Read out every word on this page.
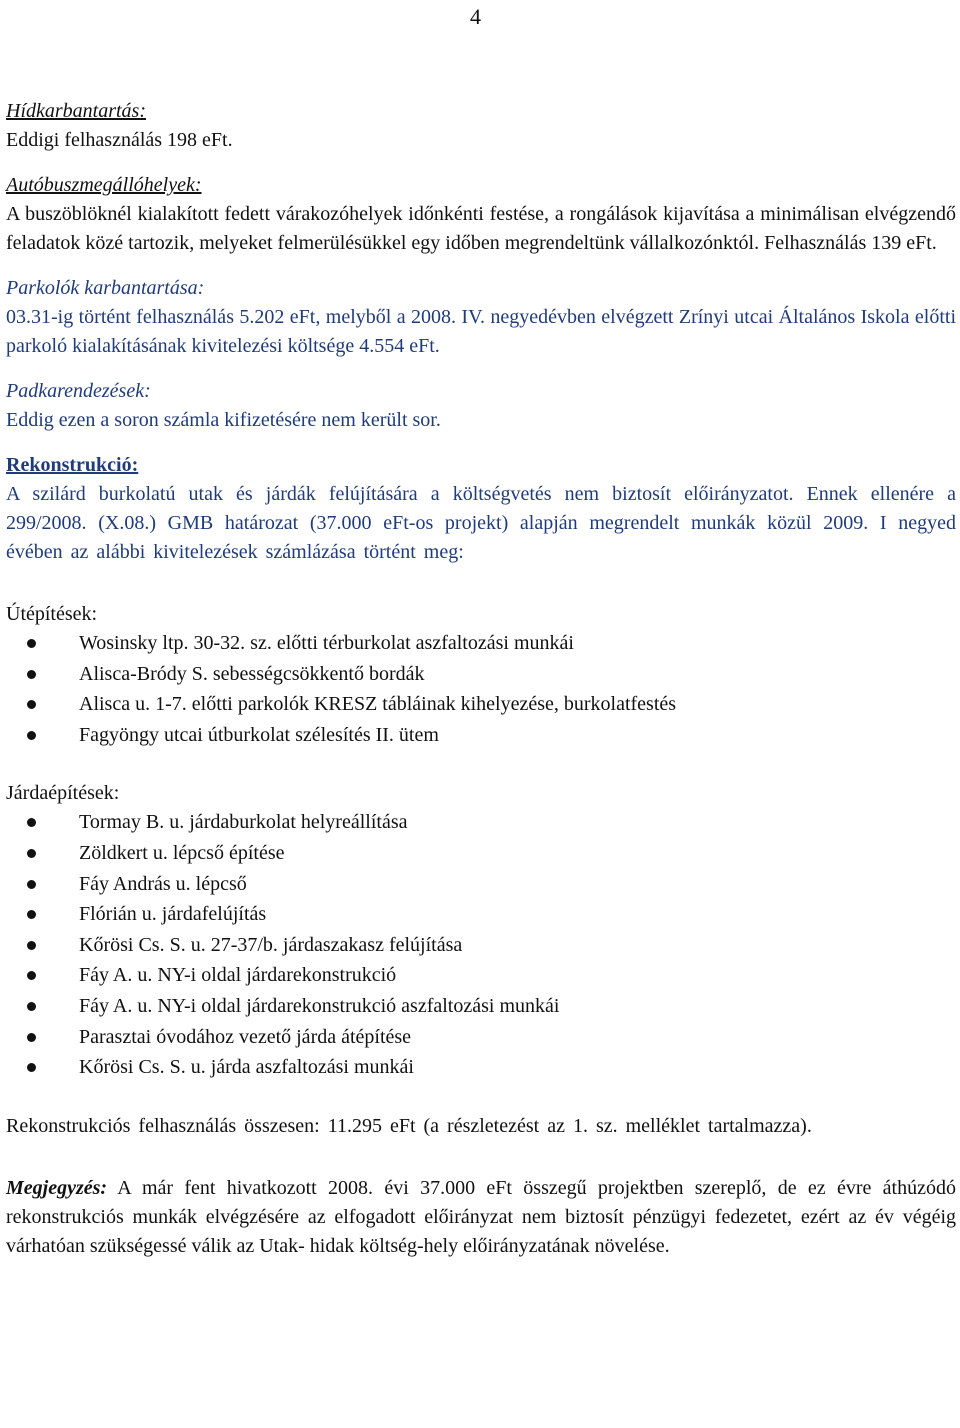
4

Hídkarbantartás:

Eddigi felhasználás 198 eFt.

Autóbuszmegállóhelyek:

A buszöblöknél kialakított fedett várakozóhelyek időnkénti festése, a rongálások kijavítása a minimálisan elvégzendő feladatok közé tartozik, melyeket felmerülésükkel egy időben megrendeltünk vállalkozónktól. Felhasználás 139 eFt.

Parkolók karbantartása:

03.31-ig történt felhasználás 5.202 eFt, melyből a 2008. IV. negyedévben elvégzett Zrínyi utcai Általános Iskola előtti parkoló kialakításának kivitelezési költsége 4.554 eFt.

Padkarendezések:

Eddig ezen a soron számla kifizetésére nem került sor.

Rekonstrukció:

A szilárd burkolatú utak és járdák felújítására a költségvetés nem biztosít előirányzatot. Ennek ellenére a 299/2008. (X.08.) GMB határozat (37.000 eFt-os projekt) alapján megrendelt munkák közül 2009. I negyed évében az alábbi kivitelezések számlázása történt meg:

Útépítések:

Wosinsky ltp. 30-32. sz. előtti térburkolat aszfaltozási munkái
Alisca-Bródy S. sebességcsökkentő bordák
Alisca u. 1-7. előtti parkolók KRESZ tábláinak kihelyezése, burkolatfestés
Fagyöngy utcai útburkolat szélesítés II. ütem

Járdaépítések:

Tormay B. u. járdaburkolat helyreállítása
Zöldkert u. lépcső építése
Fáy András u. lépcső
Flórián u. járdafelújítás
Kőrösi Cs. S. u. 27-37/b. járdaszakasz felújítása
Fáy A. u. NY-i oldal járdarekonstrukció
Fáy A. u. NY-i oldal járdarekonstrukció aszfaltozási munkái
Parasztai óvodához vezető járda átépítése
Kőrösi Cs. S. u. járda aszfaltozási munkái

Rekonstrukciós felhasználás összesen: 11.295 eFt (a részletezést az 1. sz. melléklet tartalmazza).

Megjegyzés: A már fent hivatkozott 2008. évi 37.000 eFt összegű projektben szereplő, de ez évre áthúzódó rekonstrukciós munkák elvégzésére az elfogadott előirányzat nem biztosít pénzügyi fedezetet, ezért az év végéig várhatóan szükségessé válik az Utak- hidak költség-hely előirányzatának növelése.
